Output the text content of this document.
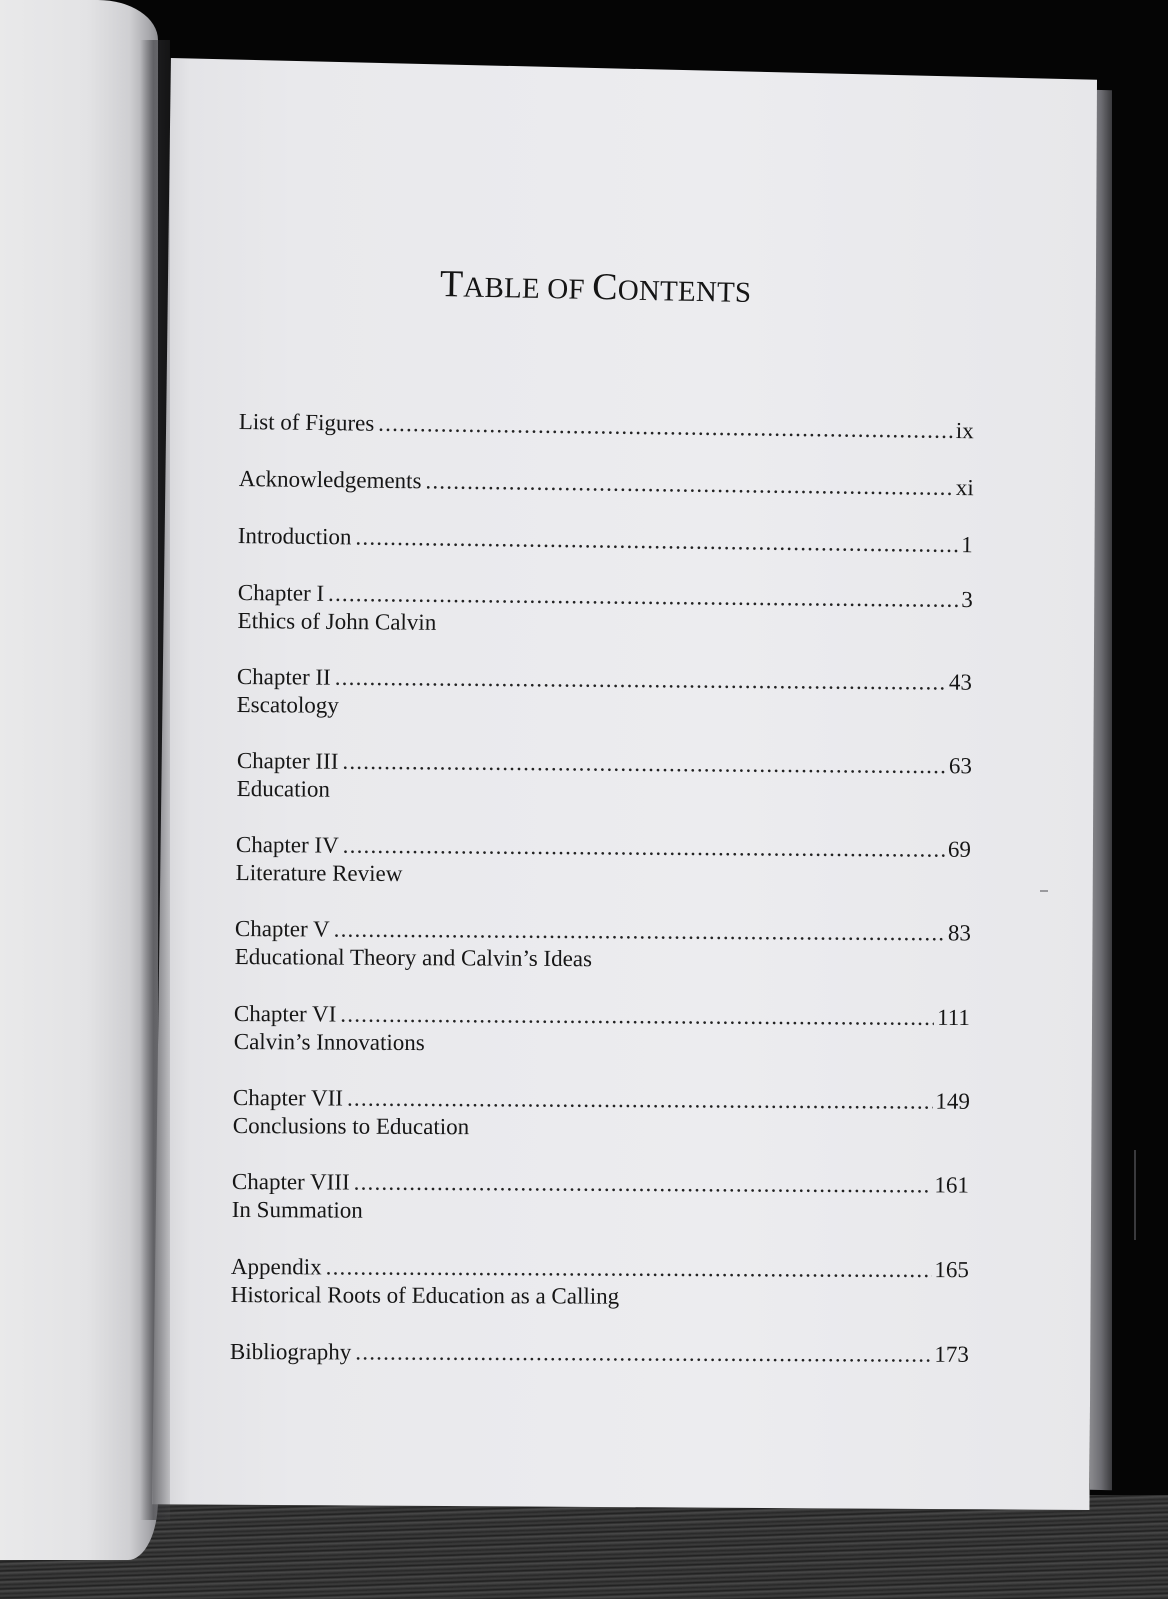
TABLE OF CONTENTS
List of Figures .....	ix
Acknowledgements .....	xi
Introduction .....	1
Chapter I .....	3
Ethics of John Calvin
Chapter II .....	43
Escatology
Chapter III .....	63
Education
Chapter IV .....	69
Literature Review
Chapter V .....	83
Educational Theory and Calvin’s Ideas
Chapter VI .....	111
Calvin’s Innovations
Chapter VII .....	149
Conclusions to Education
Chapter VIII .....	161
In Summation
Appendix .....	165
Historical Roots of Education as a Calling
Bibliography .....	173
